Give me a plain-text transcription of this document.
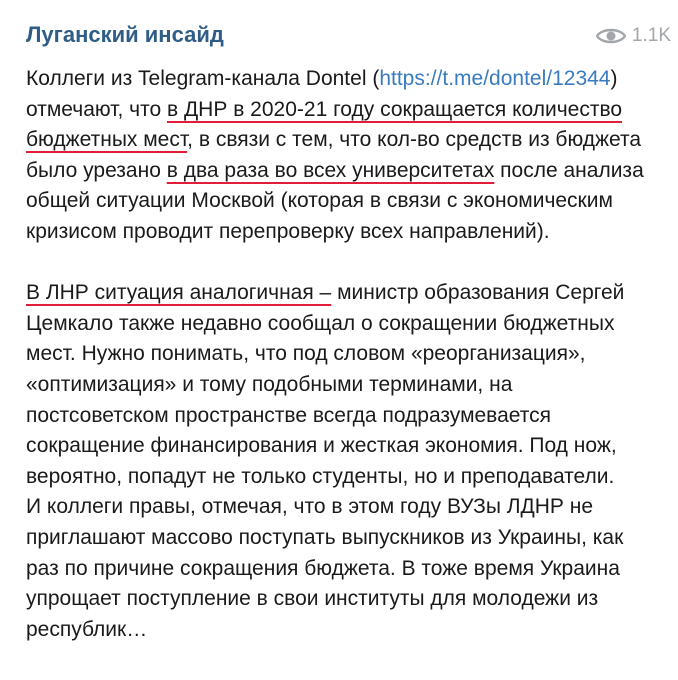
Луганский инсайд	1.1K
Коллеги из Telegram-канала Dontel (https://t.me/dontel/12344)
отмечают, что в ДНР в 2020-21 году сокращается количество
бюджетных мест, в связи с тем, что кол-во средств из бюджета
было урезано в два раза во всех университетах после анализа
общей ситуации Москвой (которая в связи с экономическим
кризисом проводит перепроверку всех направлений).
В ЛНР ситуация аналогичная – министр образования Сергей
Цемкало также недавно сообщал о сокращении бюджетных
мест. Нужно понимать, что под словом «реорганизация»,
«оптимизация» и тому подобными терминами, на
постсоветском пространстве всегда подразумевается
сокращение финансирования и жесткая экономия. Под нож,
вероятно, попадут не только студенты, но и преподаватели.
И коллеги правы, отмечая, что в этом году ВУЗы ЛДНР не
приглашают массово поступать выпускников из Украины, как
раз по причине сокращения бюджета. В тоже время Украина
упрощает поступление в свои институты для молодежи из
республик…
